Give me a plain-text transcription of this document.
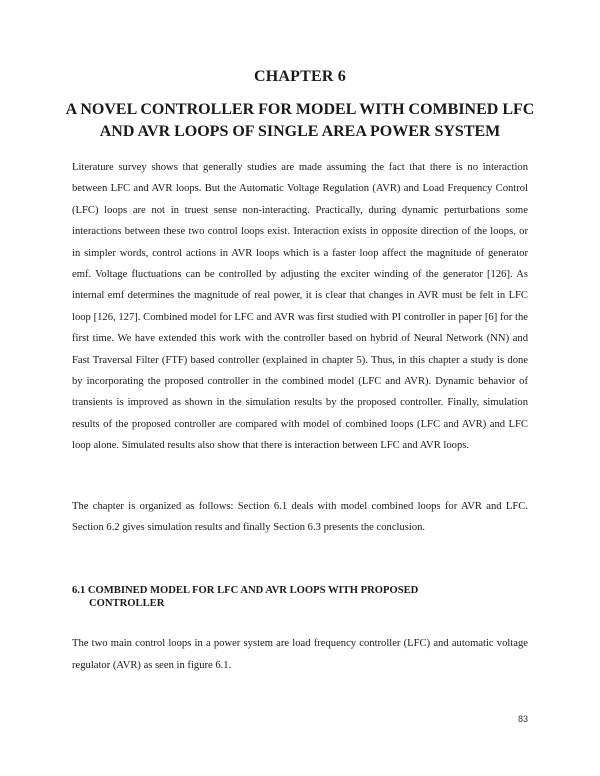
CHAPTER 6
A NOVEL CONTROLLER FOR MODEL WITH COMBINED LFC AND AVR LOOPS OF SINGLE AREA POWER SYSTEM

Literature survey shows that generally studies are made assuming the fact that there is no interaction between LFC and AVR loops. But the Automatic Voltage Regulation (AVR) and Load Frequency Control (LFC) loops are not in truest sense non-interacting. Practically, during dynamic perturbations some interactions between these two control loops exist. Interaction exists in opposite direction of the loops, or in simpler words, control actions in AVR loops which is a faster loop affect the magnitude of generator emf. Voltage fluctuations can be controlled by adjusting the exciter winding of the generator [126]. As internal emf determines the magnitude of real power, it is clear that changes in AVR must be felt in LFC loop [126, 127]. Combined model for LFC and AVR was first studied with PI controller in paper [6] for the first time. We have extended this work with the controller based on hybrid of Neural Network (NN) and Fast Traversal Filter (FTF) based controller (explained in chapter 5). Thus, in this chapter a study is done by incorporating the proposed controller in the combined model (LFC and AVR). Dynamic behavior of transients is improved as shown in the simulation results by the proposed controller. Finally, simulation results of the proposed controller are compared with model of combined loops (LFC and AVR) and LFC loop alone. Simulated results also show that there is interaction between LFC and AVR loops.

The chapter is organized as follows: Section 6.1 deals with model combined loops for AVR and LFC. Section 6.2 gives simulation results and finally Section 6.3 presents the conclusion.

6.1 COMBINED MODEL FOR LFC AND AVR LOOPS WITH PROPOSED
CONTROLLER

The two main control loops in a power system are load frequency controller (LFC) and automatic voltage regulator (AVR) as seen in figure 6.1.

83
